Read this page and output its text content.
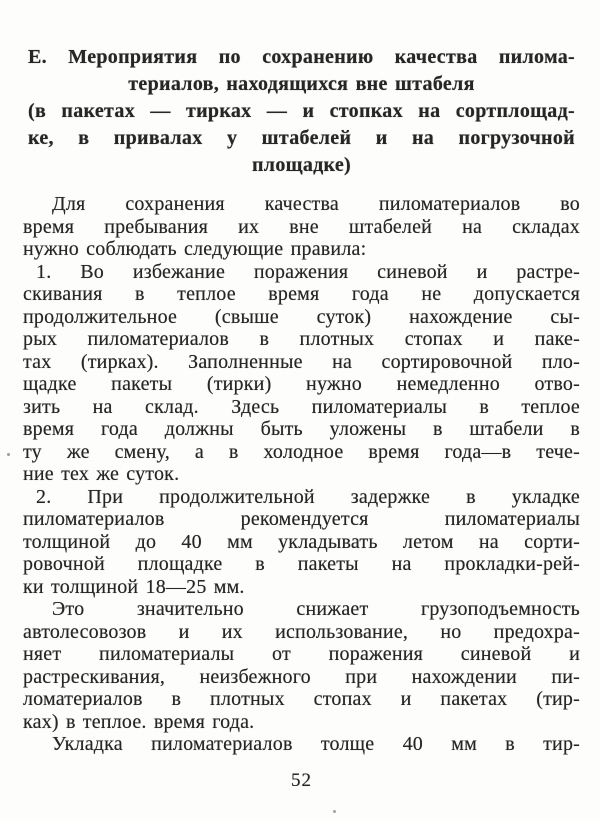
Е. Мероприятия по сохранению качества пилома-
териалов, находящихся вне штабеля
(в пакетах — тирках — и стопках на сортплощад-
ке, в привалах у штабелей и на погрузочной
площадке)
Для сохранения качества пиломатериалов во
время пребывания их вне штабелей на складах
нужно соблюдать следующие правила:
1. Во избежание поражения синевой и растре-
скивания в теплое время года не допускается
продолжительное (свыше суток) нахождение сы-
рых пиломатериалов в плотных стопах и паке-
тах (тирках). Заполненные на сортировочной пло-
щадке пакеты (тирки) нужно немедленно отво-
зить на склад. Здесь пиломатериалы в теплое
время года должны быть уложены в штабели в
ту же смену, а в холодное время года—в тече-
ние тех же суток.
2. При продолжительной задержке в укладке
пиломатериалов рекомендуется пиломатериалы
толщиной до 40 мм укладывать летом на сорти-
ровочной площадке в пакеты на прокладки-рей-
ки толщиной 18—25 мм.
Это значительно снижает грузоподъемность
автолесовозов и их использование, но предохра-
няет пиломатериалы от поражения синевой и
растрескивания, неизбежного при нахождении пи-
ломатериалов в плотных стопах и пакетах (тир-
ках) в теплое. время года.
Укладка пиломатериалов толще 40 мм в тир-
52
